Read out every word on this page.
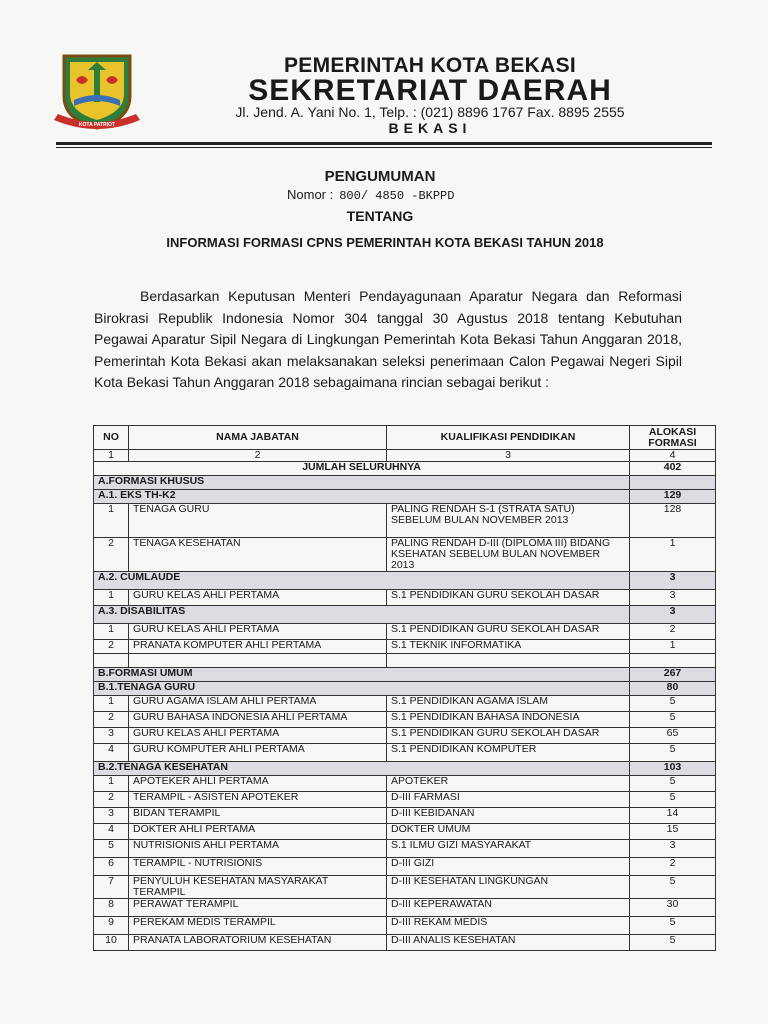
KOTA PATRIOT
PEMERINTAH KOTA BEKASI
SEKRETARIAT DAERAH
Jl. Jend. A. Yani No. 1, Telp. : (021) 8896 1767 Fax. 8895 2555
BEKASI
PENGUMUMAN
Nomor : 800/ 4850 -BKPPD
TENTANG
INFORMASI FORMASI CPNS PEMERINTAH KOTA BEKASI TAHUN 2018
Berdasarkan Keputusan Menteri Pendayagunaan Aparatur Negara dan Reformasi Birokrasi Republik Indonesia Nomor 304 tanggal 30 Agustus 2018 tentang Kebutuhan Pegawai Aparatur Sipil Negara di Lingkungan Pemerintah Kota Bekasi Tahun Anggaran 2018, Pemerintah Kota Bekasi akan melaksanakan seleksi penerimaan Calon Pegawai Negeri Sipil Kota Bekasi Tahun Anggaran 2018 sebagaimana rincian sebagai berikut :
NO	NAMA JABATAN	KUALIFIKASI PENDIDIKAN	ALOKASI FORMASI
1	2	3	4
JUMLAH SELURUHNYA			402
A.FORMASI KHUSUS			
A.1. EKS TH-K2			129
1	TENAGA GURU	PALING RENDAH S-1 (STRATA SATU) SEBELUM BULAN NOVEMBER 2013	128
2	TENAGA KESEHATAN	PALING RENDAH D-III (DIPLOMA III) BIDANG KSEHATAN SEBELUM BULAN NOVEMBER 2013	1
A.2. CUMLAUDE			3
1	GURU KELAS AHLI PERTAMA	S.1 PENDIDIKAN GURU SEKOLAH DASAR	3
A.3. DISABILITAS			3
1	GURU KELAS AHLI PERTAMA	S.1 PENDIDIKAN GURU SEKOLAH DASAR	2
2	PRANATA KOMPUTER AHLI PERTAMA	S.1 TEKNIK INFORMATIKA	1

B.FORMASI UMUM			267
B.1.TENAGA GURU			80
1	GURU AGAMA ISLAM AHLI PERTAMA	S.1 PENDIDIKAN AGAMA ISLAM	5
2	GURU BAHASA INDONESIA AHLI PERTAMA	S.1 PENDIDIKAN BAHASA INDONESIA	5
3	GURU KELAS AHLI PERTAMA	S.1 PENDIDIKAN GURU SEKOLAH DASAR	65
4	GURU KOMPUTER AHLI PERTAMA	S.1 PENDIDIKAN KOMPUTER	5
B.2.TENAGA KESEHATAN			103
1	APOTEKER AHLI PERTAMA	APOTEKER	5
2	TERAMPIL - ASISTEN APOTEKER	D-III FARMASI	5
3	BIDAN TERAMPIL	D-III KEBIDANAN	14
4	DOKTER AHLI PERTAMA	DOKTER UMUM	15
5	NUTRISIONIS AHLI PERTAMA	S.1 ILMU GIZI MASYARAKAT	3
6	TERAMPIL - NUTRISIONIS	D-III GIZI	2
7	PENYULUH KESEHATAN MASYARAKAT TERAMPIL	D-III KESEHATAN LINGKUNGAN	5
8	PERAWAT TERAMPIL	D-III KEPERAWATAN	30
9	PEREKAM MEDIS TERAMPIL	D-III REKAM MEDIS	5
10	PRANATA LABORATORIUM KESEHATAN	D-III ANALIS KESEHATAN	5
